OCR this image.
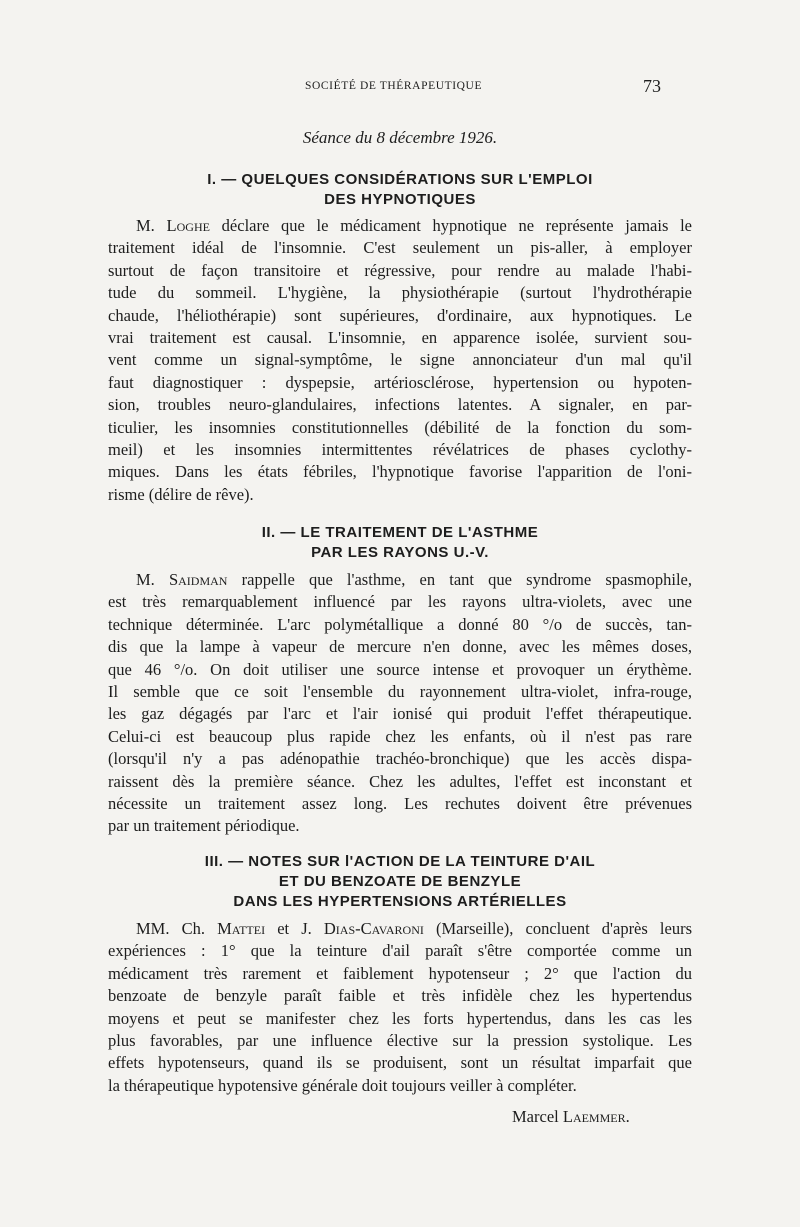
SOCIÉTÉ DE THÉRAPEUTIQUE	73
Séance du 8 décembre 1926.
I. — QUELQUES CONSIDÉRATIONS SUR L'EMPLOI
DES HYPNOTIQUES
M. Loghe déclare que le médicament hypnotique ne représente jamais le
traitement idéal de l'insomnie. C'est seulement un pis-aller, à employer
surtout de façon transitoire et régressive, pour rendre au malade l'habi-
tude du sommeil. L'hygiène, la physiothérapie (surtout l'hydrothérapie
chaude, l'héliothérapie) sont supérieures, d'ordinaire, aux hypnotiques. Le
vrai traitement est causal. L'insomnie, en apparence isolée, survient sou-
vent comme un signal-symptôme, le signe annonciateur d'un mal qu'il
faut diagnostiquer : dyspepsie, artériosclérose, hypertension ou hypoten-
sion, troubles neuro-glandulaires, infections latentes. A signaler, en par-
ticulier, les insomnies constitutionnelles (débilité de la fonction du som-
meil) et les insomnies intermittentes révélatrices de phases cyclothy-
miques. Dans les états fébriles, l'hypnotique favorise l'apparition de l'oni-
risme (délire de rêve).
II. — LE TRAITEMENT DE L'ASTHME
PAR LES RAYONS U.-V.
M. Saidman rappelle que l'asthme, en tant que syndrome spasmophile,
est très remarquablement influencé par les rayons ultra-violets, avec une
technique déterminée. L'arc polymétallique a donné 80 °/o de succès, tan-
dis que la lampe à vapeur de mercure n'en donne, avec les mêmes doses,
que 46 °/o. On doit utiliser une source intense et provoquer un érythème.
Il semble que ce soit l'ensemble du rayonnement ultra-violet, infra-rouge,
les gaz dégagés par l'arc et l'air ionisé qui produit l'effet thérapeutique.
Celui-ci est beaucoup plus rapide chez les enfants, où il n'est pas rare
(lorsqu'il n'y a pas adénopathie trachéo-bronchique) que les accès dispa-
raissent dès la première séance. Chez les adultes, l'effet est inconstant et
nécessite un traitement assez long. Les rechutes doivent être prévenues
par un traitement périodique.
III. — NOTES SUR l'ACTION DE LA TEINTURE D'AIL
ET DU BENZOATE DE BENZYLE
DANS LES HYPERTENSIONS ARTÉRIELLES
MM. Ch. Mattei et J. Dias-Cavaroni (Marseille), concluent d'après leurs
expériences : 1° que la teinture d'ail paraît s'être comportée comme un
médicament très rarement et faiblement hypotenseur ; 2° que l'action du
benzoate de benzyle paraît faible et très infidèle chez les hypertendus
moyens et peut se manifester chez les forts hypertendus, dans les cas les
plus favorables, par une influence élective sur la pression systolique. Les
effets hypotenseurs, quand ils se produisent, sont un résultat imparfait que
la thérapeutique hypotensive générale doit toujours veiller à compléter.
Marcel Laemmer.
